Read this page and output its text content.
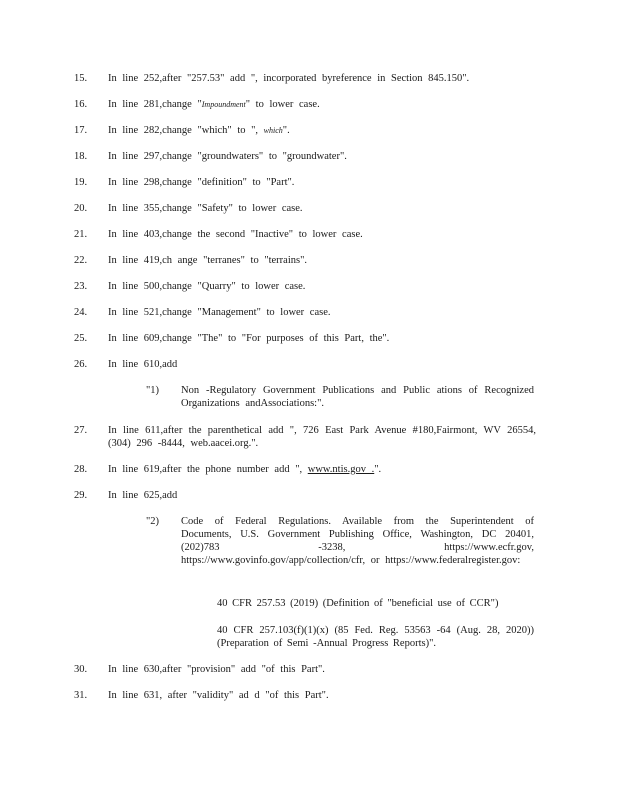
15. In line 252,after "257.53" add ", incorporated byreference in Section 845.150".
16. In line 281,change "Impoundment" to lower case.
17. In line 282,change "which" to ", which".
18. In line 297,change "groundwaters" to "groundwater".
19. In line 298,change "definition" to "Part".
20. In line 355,change "Safety" to lower case.
21. In line 403,change the second "Inactive" to lower case.
22. In line 419,ch ange "terranes" to "terrains".
23. In line 500,change "Quarry" to lower case.
24. In line 521,change "Management" to lower case.
25. In line 609,change "The" to "For purposes of this Part, the".
26. In line 610,add
"1) Non -Regulatory Government Publications and Public ations of Recognized Organizations andAssociations:".
27. In line 611,after the parenthetical add ", 726 East Park Avenue #180,Fairmont, WV 26554, (304) 296 -8444, web.aacei.org.".
28. In line 619,after the phone number add ", www.ntis.gov .".
29. In line 625,add
"2) Code of Federal Regulations. Available from the Superintendent of Documents, U.S. Government Publishing Office, Washington, DC 20401, (202)783 -3238, https://www.ecfr.gov, https://www.govinfo.gov/app/collection/cfr, or https://www.federalregister.gov:
40 CFR 257.53 (2019) (Definition of "beneficial use of CCR")
40 CFR 257.103(f)(1)(x) (85 Fed. Reg. 53563 -64 (Aug. 28, 2020)) (Preparation of Semi -Annual Progress Reports)".
30. In line 630,after "provision" add "of this Part".
31. In line 631, after "validity" ad d "of this Part".
